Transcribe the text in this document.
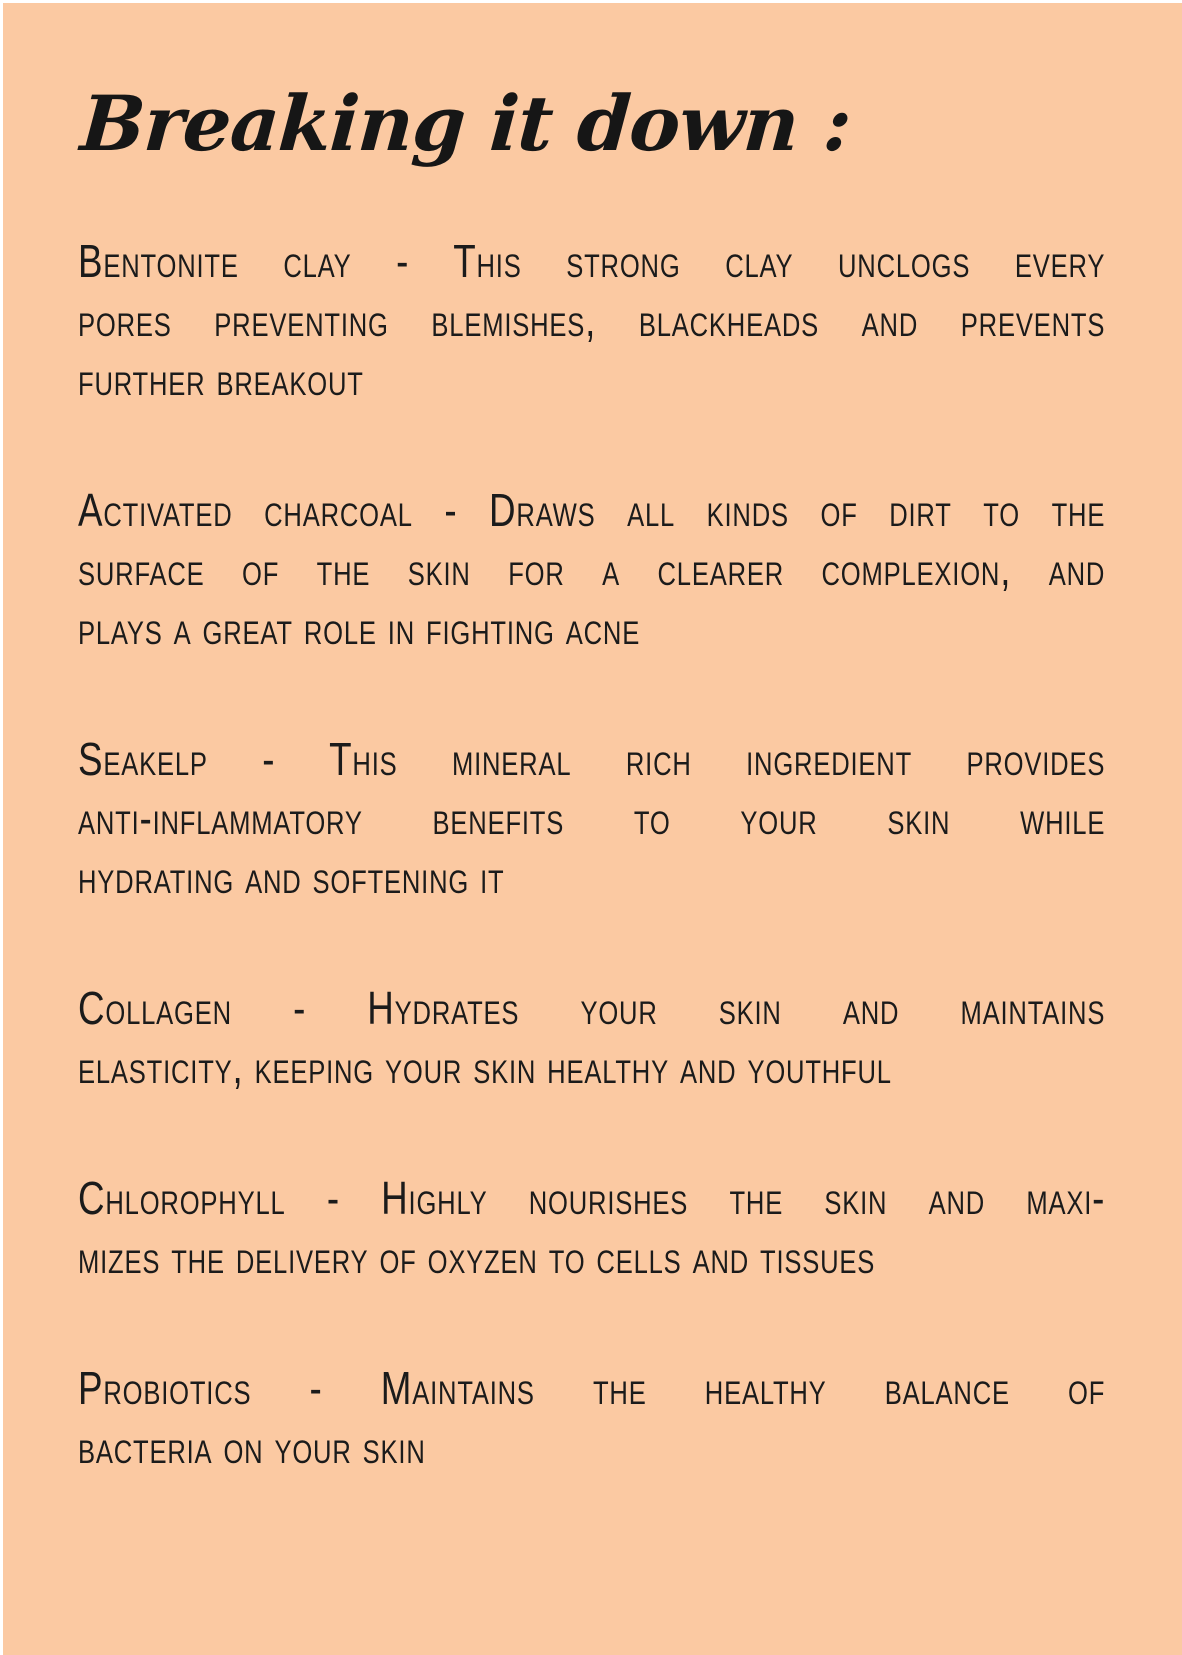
Breaking it down :
Bentonite clay - This strong clay unclogs every
pores preventing blemishes, blackheads and prevents
further breakout
Activated charcoal - Draws all kinds of dirt to the
surface of the skin for a clearer complexion, and
plays a great role in fighting acne
Seakelp - This mineral rich ingredient provides
anti-inflammatory benefits to your skin while
hydrating and softening it
Collagen - Hydrates your skin and maintains
elasticity, keeping your skin healthy and youthful
Chlorophyll - Highly nourishes the skin and maxi-
mizes the delivery of oxyzen to cells and tissues
Probiotics - Maintains the healthy balance of
bacteria on your skin
